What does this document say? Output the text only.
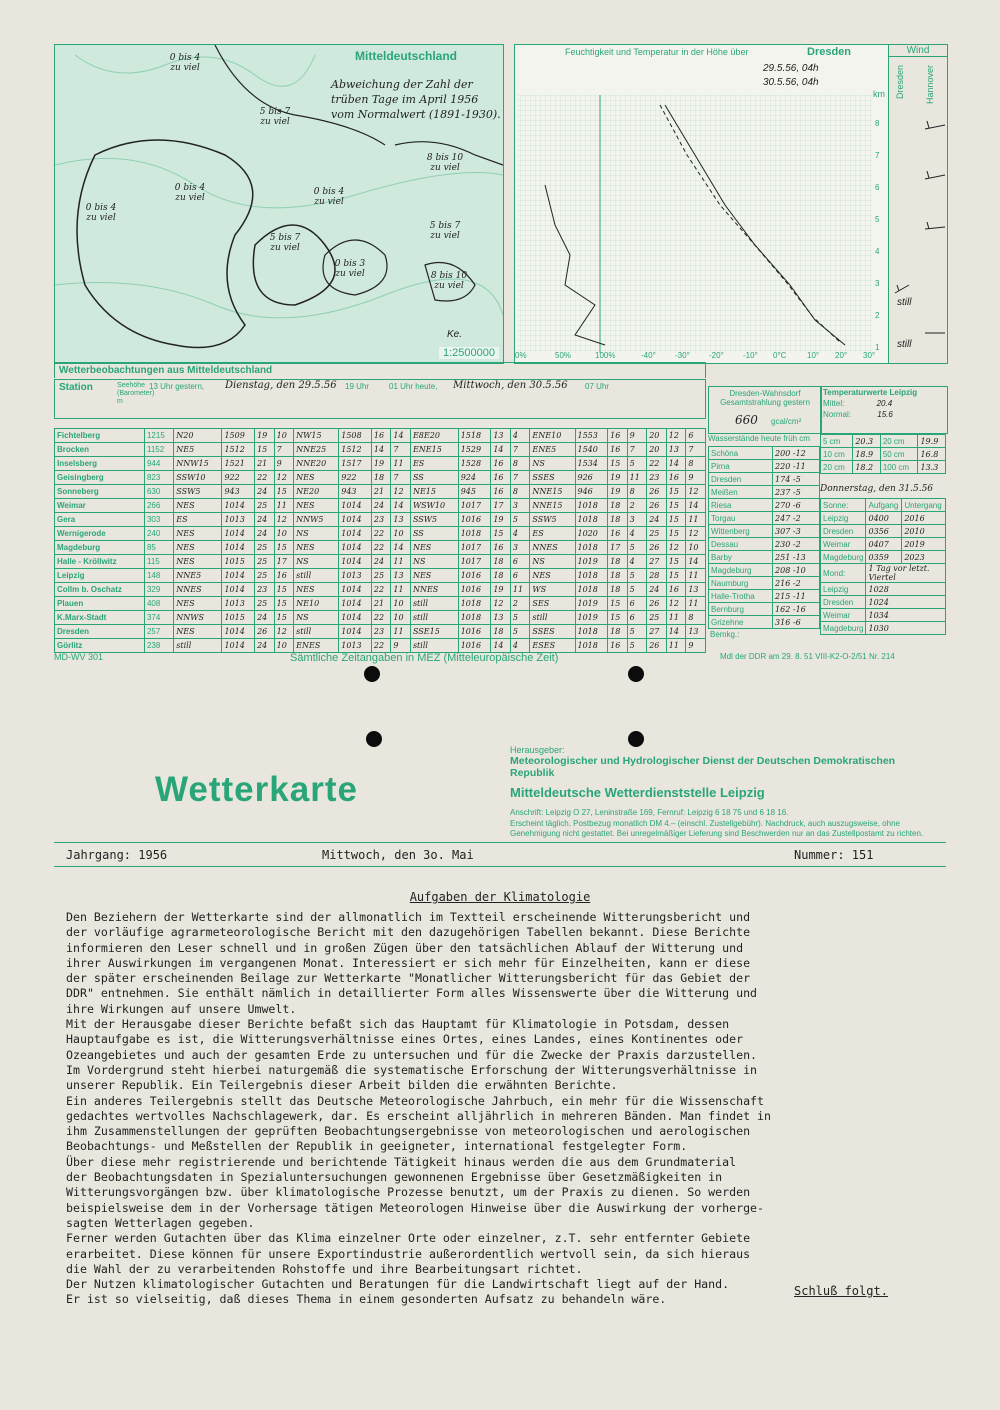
Mitteldeutschland
Abweichung der Zahl der trüben Tage im April 1956 vom Normalwert (1891-1930).
0 bis 4 zu viel
5 bis 7 zu viel
0 bis 4 zu viel
0 bis 4 zu viel
5 bis 7 zu viel
0 bis 4 zu viel
8 bis 10 zu viel
5 bis 7 zu viel
0 bis 3 zu viel	8 bis 10 zu viel
Ke.
1:2500000
Feuchtigkeit und Temperatur in der Höhe über	Dresden
29.5.56, 04h
30.5.56, 04h
km
0%	50%	100%	-40° -30° -20° -10° 0°C	10° 20° 30°
8
7
6
5
4
3
2
1
Wind
Dresden Hannover
still
still
Wetterbeobachtungen aus Mitteldeutschland
Station	Seehöhe (Barometer) m
13 Uhr gestern, Dienstag, den 29.5.56 19 Uhr 01 Uhr heute, Mittwoch, den 30.5.56 07 Uhr
Fichtelberg	1215	N20	1509	19	10	NW15	1508	16	14	E8E20	1518	13	4	ENE10	1553	16	9	20	12	6
Brocken	1152	NE5	1512	15	7	NNE25	1512	14	7	ENE15	1529	14	7	ENE5	1540	16	7	20	13	7
Inselsberg	944	NNW15	1521	21	9	NNE20	1517	19	11	ES	1528	16	8	NS	1534	15	5	22	14	8
Geisingberg	823	SSW10	922	22	12	NES	922	18	7	SS	924	16	7	SSES	926	19	11	23	16	9
Sonneberg	630	SSW5	943	24	15	NE20	943	21	12	NE15	945	16	8	NNE15	946	19	8	26	15	12
Weimar	266	NES	1014	25	11	NES	1014	24	14	WSW10	1017	17	3	NNE15	1018	18	2	26	15	14
Gera	303	ES	1013	24	12	NNW5	1014	23	13	SSW5	1016	19	5	SSW5	1018	18	3	24	15	11
Wernigerode	240	NES	1014	24	10	NS	1014	22	10	SS	1018	15	4	ES	1020	16	4	25	15	12
Magdeburg	85	NES	1014	25	15	NES	1014	22	14	NES	1017	16	3	NNES	1018	17	5	26	12	10
Halle - Kröllwitz	115	NES	1015	25	17	NS	1014	24	11	NS	1017	18	6	NS	1019	18	4	27	15	14
Leipzig	148	NNE5	1014	25	16	still	1013	25	13	NES	1016	18	6	NES	1018	18	5	28	15	11
Collm b. Oschatz	329	NNES	1014	23	15	NES	1014	22	11	NNES	1016	19	11	WS	1018	18	5	24	16	13
Plauen	408	NES	1013	25	15	NE10	1014	21	10	still	1018	12	2	SES	1019	15	6	26	12	11
K.Marx-Stadt	374	NNWS	1015	24	15	NS	1014	22	10	still	1018	13	5	still	1019	15	6	25	11	8
Dresden	257	NES	1014	26	12	still	1014	23	11	SSE15	1016	18	5	SSES	1018	18	5	27	14	13
Görlitz	238	still	1014	24	10	ENES	1013	22	9	still	1016	14	4	ESES	1018	16	5	26	11	9
Dresden-Wahnsdorf Gesamtstrahlung gestern
660 gcal/cm²
Temperaturwerte Leipzig
Mittel:	20.4
Normal:	15.6
Wasserstände heute früh cm
Schöna	200 -12
Pirna	220 -11
Dresden	174 -5
Meißen	237 -5
Riesa	270 -6
Torgau	247 -2
Wittenberg	307 -3
Dessau	230 -2
Barby	251 -13
Magdeburg	208 -10
Naumburg	216 -2
Halle-Trotha	215 -11
Bernburg	162 -16
Grizehne	316 -6
5 cm	20.3	20 cm	19.9
10 cm	18.9	50 cm	16.8
20 cm	18.2	100 cm	13.3
Donnerstag, den 31.5.56
Sonne:	Aufgang	Untergang
Leipzig	0400	2016
Dresden	0356	2010
Weimar	0407	2019
Magdeburg	0359	2023
Mond:	1 Tag vor letzt. Viertel	
Leipzig	1028	
Dresden	1024	
Weimar	1034	
Magdeburg	1030	
Bemkg.:
MD-WV 301	Sämtliche Zeitangaben in MEZ (Mitteleuropäische Zeit)	Mdl der DDR am 29. 8. 51 VIII-K2-O-2/51 Nr. 214
Wetterkarte
Herausgeber:
Meteorologischer und Hydrologischer Dienst der Deutschen Demokratischen Republik
Mitteldeutsche Wetterdienststelle Leipzig
Anschrift: Leipzig O 27, Leninstraße 169, Fernruf: Leipzig 6 18 75 und 6 18 16.
Erscheint täglich. Postbezug monatlich DM 4.– (einschl. Zustellgebühr). Nachdruck, auch auszugsweise, ohne Genehmigung nicht gestattet. Bei unregelmäßiger Lieferung sind Beschwerden nur an das Zustellpostamt zu richten.
Jahrgang: 1956	Mittwoch, den 3o. Mai	Nummer: 151
Aufgaben der Klimatologie
Den Beziehern der Wetterkarte sind der allmonatlich im Textteil erscheinende Witterungsbericht und
der vorläufige agrarmeteorologische Bericht mit den dazugehörigen Tabellen bekannt. Diese Berichte
informieren den Leser schnell und in großen Zügen über den tatsächlichen Ablauf der Witterung und
ihrer Auswirkungen im vergangenen Monat. Interessiert er sich mehr für Einzelheiten, kann er diese
der später erscheinenden Beilage zur Wetterkarte "Monatlicher Witterungsbericht für das Gebiet der
DDR" entnehmen. Sie enthält nämlich in detaillierter Form alles Wissenswerte über die Witterung und
ihre Wirkungen auf unsere Umwelt.
Mit der Herausgabe dieser Berichte befaßt sich das Hauptamt für Klimatologie in Potsdam, dessen
Hauptaufgabe es ist, die Witterungsverhältnisse eines Ortes, eines Landes, eines Kontinentes oder
Ozeangebietes und auch der gesamten Erde zu untersuchen und für die Zwecke der Praxis darzustellen.
Im Vordergrund steht hierbei naturgemäß die systematische Erforschung der Witterungsverhältnisse in
unserer Republik. Ein Teilergebnis dieser Arbeit bilden die erwähnten Berichte.
Ein anderes Teilergebnis stellt das Deutsche Meteorologische Jahrbuch, ein mehr für die Wissenschaft
gedachtes wertvolles Nachschlagewerk, dar. Es erscheint alljährlich in mehreren Bänden. Man findet in
ihm Zusammenstellungen der geprüften Beobachtungsergebnisse von meteorologischen und aerologischen
Beobachtungs- und Meßstellen der Republik in geeigneter, international festgelegter Form.
Über diese mehr registrierende und berichtende Tätigkeit hinaus werden die aus dem Grundmaterial
der Beobachtungsdaten in Spezialuntersuchungen gewonnenen Ergebnisse über Gesetzmäßigkeiten in
Witterungsvorgängen bzw. über klimatologische Prozesse benutzt, um der Praxis zu dienen. So werden
beispielsweise dem in der Vorhersage tätigen Meteorologen Hinweise über die Auswirkung der vorherge-
sagten Wetterlagen gegeben.
Ferner werden Gutachten über das Klima einzelner Orte oder einzelner, z.T. sehr entfernter Gebiete
erarbeitet. Diese können für unsere Exportindustrie außerordentlich wertvoll sein, da sich hieraus
die Wahl der zu verarbeitenden Rohstoffe und ihre Bearbeitungsart richtet.
Der Nutzen klimatologischer Gutachten und Beratungen für die Landwirtschaft liegt auf der Hand.
Er ist so vielseitig, daß dieses Thema in einem gesonderten Aufsatz zu behandeln wäre.
Schluß folgt.
